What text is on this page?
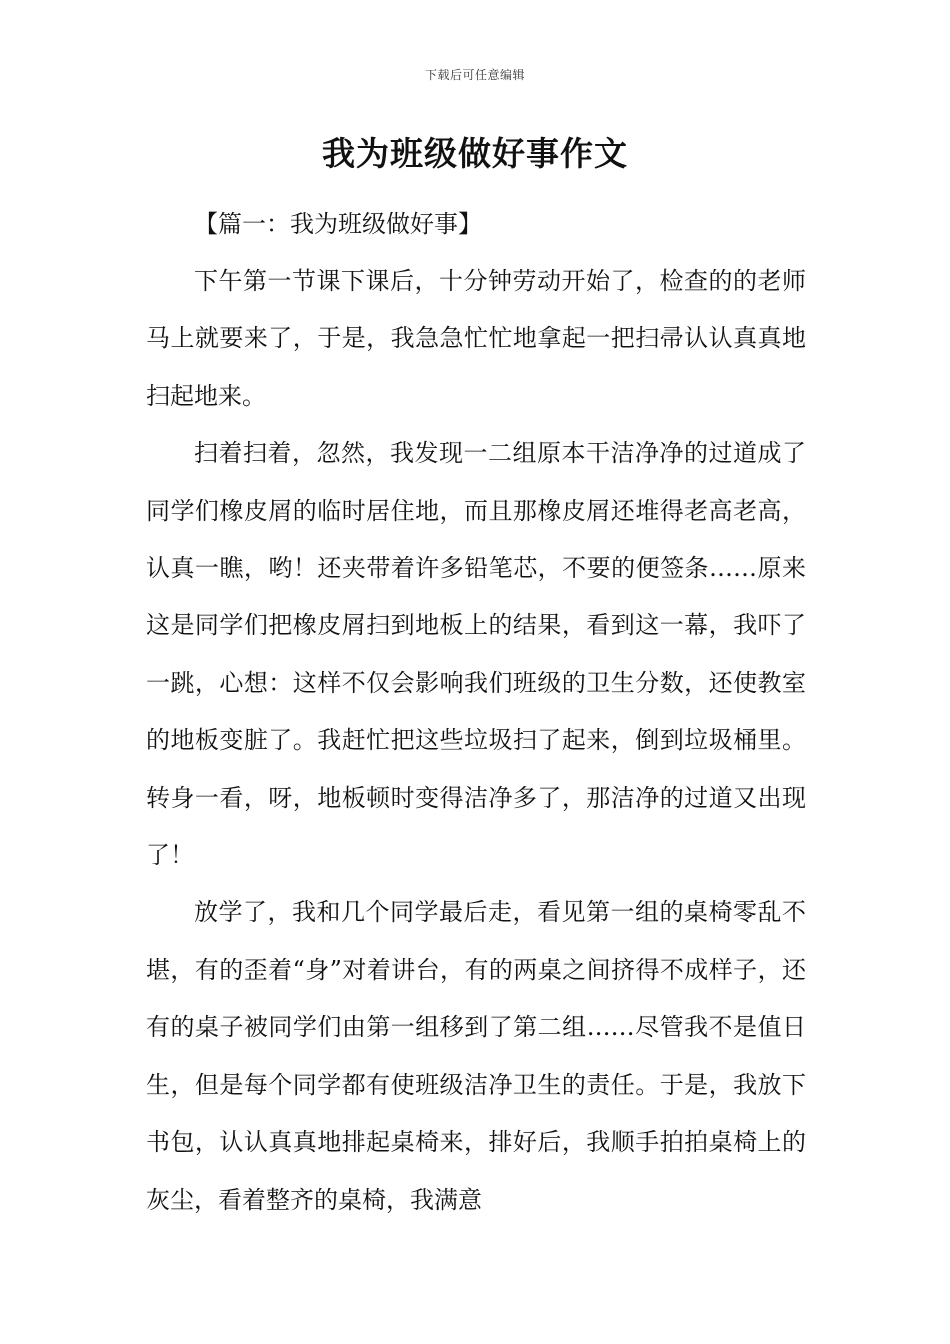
下载后可任意编辑
我为班级做好事作文

【篇一：我为班级做好事】

下午第一节课下课后，十分钟劳动开始了，检查的的老师马上就要来了，于是，我急急忙忙地拿起一把扫帚认认真真地扫起地来。

扫着扫着，忽然，我发现一二组原本干洁净净的过道成了同学们橡皮屑的临时居住地，而且那橡皮屑还堆得老高老高，认真一瞧，哟！还夹带着许多铅笔芯，不要的便签条……原来这是同学们把橡皮屑扫到地板上的结果，看到这一幕，我吓了一跳，心想：这样不仅会影响我们班级的卫生分数，还使教室的地板变脏了。我赶忙把这些垃圾扫了起来，倒到垃圾桶里。转身一看，呀，地板顿时变得洁净多了，那洁净的过道又出现了！

放学了，我和几个同学最后走，看见第一组的桌椅零乱不堪，有的歪着“身”对着讲台，有的两桌之间挤得不成样子，还有的桌子被同学们由第一组移到了第二组……尽管我不是值日生，但是每个同学都有使班级洁净卫生的责任。于是，我放下书包，认认真真地排起桌椅来，排好后，我顺手拍拍桌椅上的灰尘，看着整齐的桌椅，我满意
